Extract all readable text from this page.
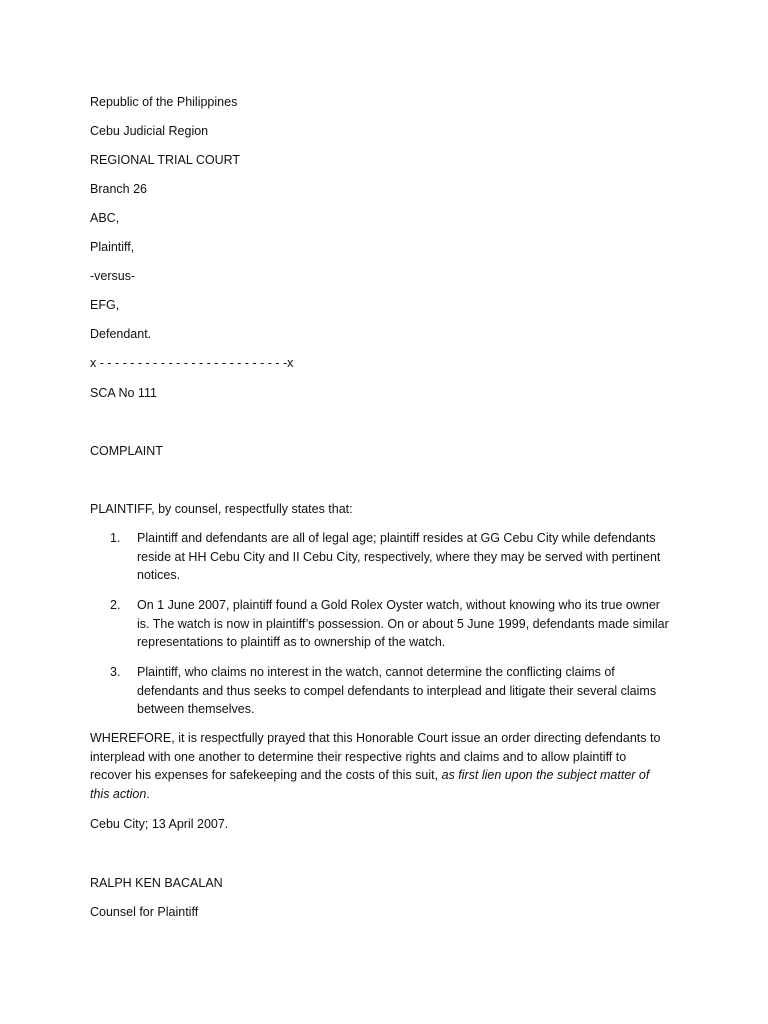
Republic of the Philippines
Cebu Judicial Region
REGIONAL TRIAL COURT
Branch 26
ABC,
Plaintiff,
-versus-
EFG,
Defendant.
x - - - - - - - - - - - - - - - - - - - - - - - - -x
SCA No 111
COMPLAINT
PLAINTIFF, by counsel, respectfully states that:
1. Plaintiff and defendants are all of legal age; plaintiff resides at GG Cebu City while defendants reside at HH Cebu City and II Cebu City, respectively, where they may be served with pertinent notices.
2. On 1 June 2007, plaintiff found a Gold Rolex Oyster watch, without knowing who its true owner is. The watch is now in plaintiff’s possession. On or about 5 June 1999, defendants made similar representations to plaintiff as to ownership of the watch.
3. Plaintiff, who claims no interest in the watch, cannot determine the conflicting claims of defendants and thus seeks to compel defendants to interplead and litigate their several claims between themselves.
WHEREFORE, it is respectfully prayed that this Honorable Court issue an order directing defendants to interplead with one another to determine their respective rights and claims and to allow plaintiff to recover his expenses for safekeeping and the costs of this suit, as first lien upon the subject matter of this action.
Cebu City; 13 April 2007.
RALPH KEN BACALAN
Counsel for Plaintiff
